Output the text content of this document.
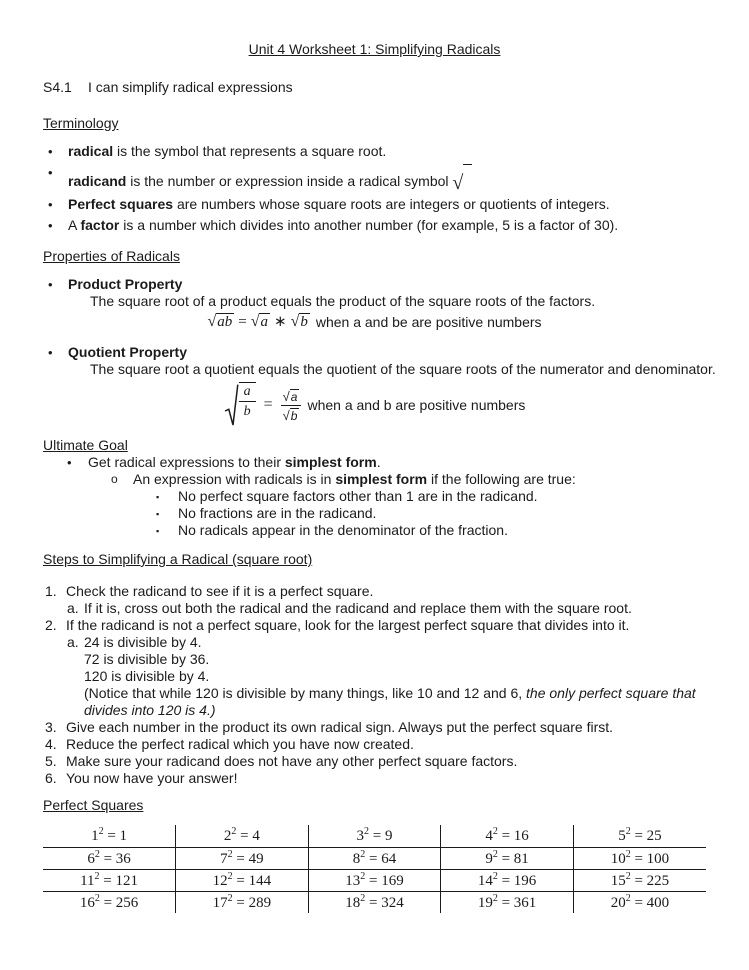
Unit 4 Worksheet 1: Simplifying Radicals
S4.1 I can simplify radical expressions
Terminology
• radical is the symbol that represents a square root.
•
radicand is the number or expression inside a radical symbol √
• Perfect squares are numbers whose square roots are integers or quotients of integers.
• A factor is a number which divides into another number (for example, 5 is a factor of 30).
Properties of Radicals
• Product Property
The square root of a product equals the product of the square roots of the factors.
√ab = √a ∗ √b when a and be are positive numbers
• Quotient Property
The square root a quotient equals the quotient of the square roots of the numerator and denominator.
a
$b = \frac{√a}{√b}$ when a and b are positive numbers
Ultimate Goal
• Get radical expressions to their simplest form.
o An expression with radicals is in simplest form if the following are true:
▪ No perfect square factors other than 1 are in the radicand.
▪ No fractions are in the radicand.
▪ No radicals appear in the denominator of the fraction.
Steps to Simplifying a Radical (square root)
1. Check the radicand to see if it is a perfect square.
a. If it is, cross out both the radical and the radicand and replace them with the square root.
2. If the radicand is not a perfect square, look for the largest perfect square that divides into it.
a. 24 is divisible by 4.
72 is divisible by 36.
120 is divisible by 4.
(Notice that while 120 is divisible by many things, like 10 and 12 and 6, the only perfect square that divides into 120 is 4.)
3. Give each number in the product its own radical sign. Always put the perfect square first.
4. Reduce the perfect radical which you have now created.
5. Make sure your radicand does not have any other perfect square factors.
6. You now have your answer!
Perfect Squares
$1^2 = 1$	$2^2 = 4$	$3^2 = 9$	$4^2 = 16$	$5^2 = 25$
$6^2 = 36$	$7^2 = 49$	$8^2 = 64$	$9^2 = 81$	$10^2 = 100$
$11^2 = 121$	$12^2 = 144$	$13^2 = 169$	$14^2 = 196$	$15^2 = 225$
$16^2 = 256$	$17^2 = 289$	$18^2 = 324$	$19^2 = 361$	$20^2 = 400$
